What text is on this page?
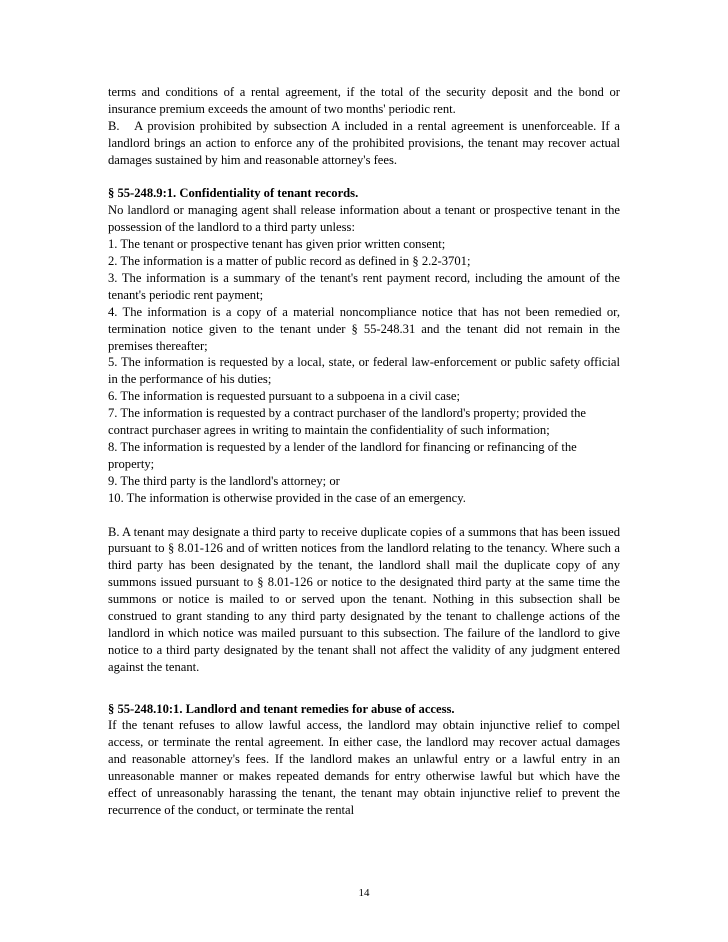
terms and conditions of a rental agreement, if the total of the security deposit and the bond or insurance premium exceeds the amount of two months' periodic rent.

B.   A provision prohibited by subsection A included in a rental agreement is unenforceable. If a landlord brings an action to enforce any of the prohibited provisions, the tenant may recover actual damages sustained by him and reasonable attorney's fees.

§ 55-248.9:1. Confidentiality of tenant records.

No landlord or managing agent shall release information about a tenant or prospective tenant in the possession of the landlord to a third party unless:

1. The tenant or prospective tenant has given prior written consent;

2. The information is a matter of public record as defined in § 2.2-3701;

3. The information is a summary of the tenant's rent payment record, including the amount of the tenant's periodic rent payment;

4. The information is a copy of a material noncompliance notice that has not been remedied or, termination notice given to the tenant under § 55-248.31 and the tenant did not remain in the premises thereafter;

5. The information is requested by a local, state, or federal law-enforcement or public safety official in the performance of his duties;

6. The information is requested pursuant to a subpoena in a civil case;

7. The information is requested by a contract purchaser of the landlord's property; provided the contract purchaser agrees in writing to maintain the confidentiality of such information;

8. The information is requested by a lender of the landlord for financing or refinancing of the property;

9. The third party is the landlord's attorney; or

10. The information is otherwise provided in the case of an emergency.

B. A tenant may designate a third party to receive duplicate copies of a summons that has been issued pursuant to § 8.01-126 and of written notices from the landlord relating to the tenancy. Where such a third party has been designated by the tenant, the landlord shall mail the duplicate copy of any summons issued pursuant to § 8.01-126 or notice to the designated third party at the same time the summons or notice is mailed to or served upon the tenant. Nothing in this subsection shall be construed to grant standing to any third party designated by the tenant to challenge actions of the landlord in which notice was mailed pursuant to this subsection. The failure of the landlord to give notice to a third party designated by the tenant shall not affect the validity of any judgment entered against the tenant.

§ 55-248.10:1. Landlord and tenant remedies for abuse of access.

If the tenant refuses to allow lawful access, the landlord may obtain injunctive relief to compel access, or terminate the rental agreement. In either case, the landlord may recover actual damages and reasonable attorney's fees. If the landlord makes an unlawful entry or a lawful entry in an unreasonable manner or makes repeated demands for entry otherwise lawful but which have the effect of unreasonably harassing the tenant, the tenant may obtain injunctive relief to prevent the recurrence of the conduct, or terminate the rental

14
